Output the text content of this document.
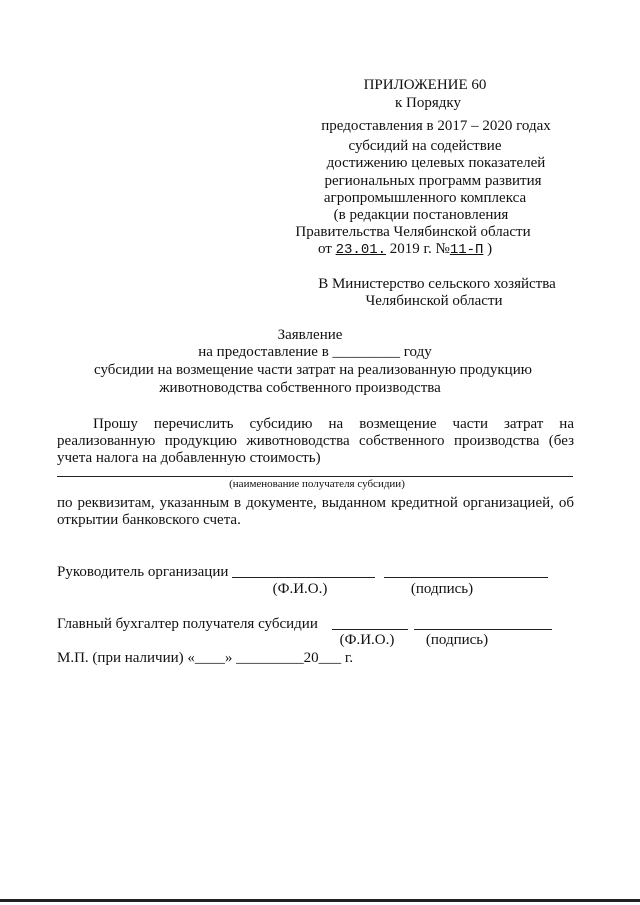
ПРИЛОЖЕНИЕ 60
к Порядку
предоставления в 2017 – 2020 годах
субсидий на содействие
достижению целевых показателей
региональных программ развития
агропромышленного комплекса
(в редакции постановления
Правительства Челябинской области
от 23.01. 2019 г. №11-П )
В Министерство сельского хозяйства
Челябинской области
Заявление
на предоставление в _________ году
субсидии на возмещение части затрат на реализованную продукцию
животноводства собственного производства
Прошу перечислить субсидию на возмещение части затрат на
реализованную продукцию животноводства собственного производства (без
учета налога на добавленную стоимость)
(наименование получателя субсидии)
по реквизитам, указанным в документе, выданном кредитной организацией, об
открытии банковского счета.
Руководитель организации
(Ф.И.О.)	(подпись)
Главный бухгалтер получателя субсидии
(Ф.И.О.) (подпись)
М.П. (при наличии) «____» _________20___ г.
